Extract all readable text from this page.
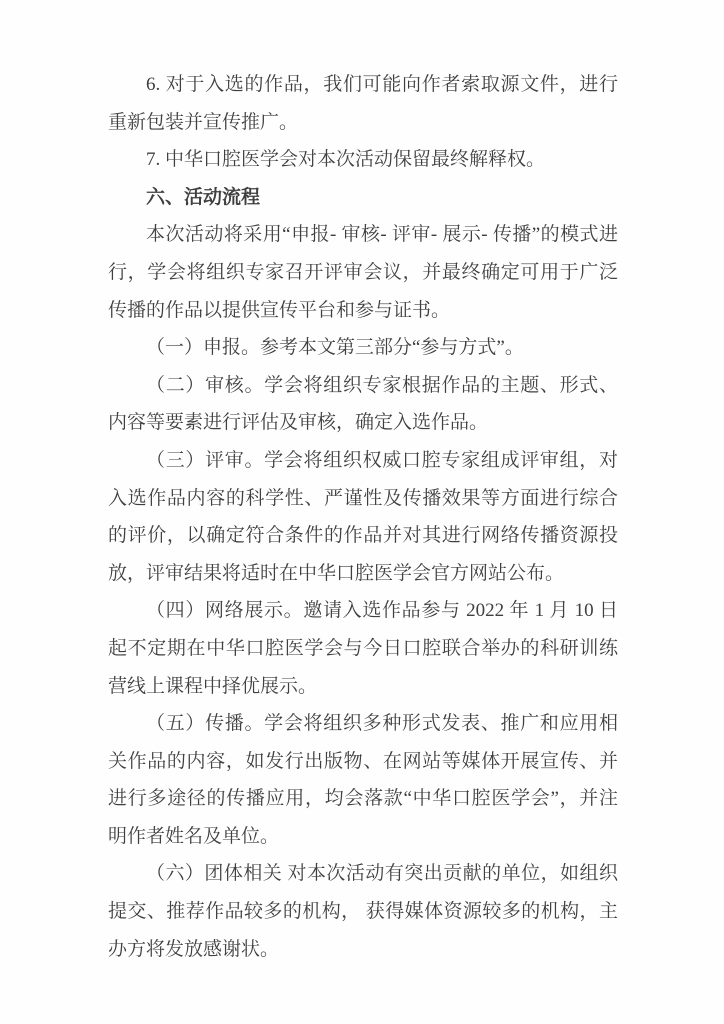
6. 对于入选的作品，我们可能向作者索取源文件，进行重新包装并宣传推广。

7. 中华口腔医学会对本次活动保留最终解释权。

六、活动流程

本次活动将采用“申报- 审核- 评审- 展示- 传播”的模式进行，学会将组织专家召开评审会议，并最终确定可用于广泛传播的作品以提供宣传平台和参与证书。

（一）申报。参考本文第三部分“参与方式”。

（二）审核。学会将组织专家根据作品的主题、形式、内容等要素进行评估及审核，确定入选作品。

（三）评审。学会将组织权威口腔专家组成评审组，对入选作品内容的科学性、严谨性及传播效果等方面进行综合的评价，以确定符合条件的作品并对其进行网络传播资源投放，评审结果将适时在中华口腔医学会官方网站公布。

（四）网络展示。邀请入选作品参与 2022 年 1 月 10 日起不定期在中华口腔医学会与今日口腔联合举办的科研训练营线上课程中择优展示。

（五）传播。学会将组织多种形式发表、推广和应用相关作品的内容，如发行出版物、在网站等媒体开展宣传、并进行多途径的传播应用，均会落款“中华口腔医学会”，并注明作者姓名及单位。

（六）团体相关 对本次活动有突出贡献的单位，如组织提交、推荐作品较多的机构， 获得媒体资源较多的机构，主办方将发放感谢状。
